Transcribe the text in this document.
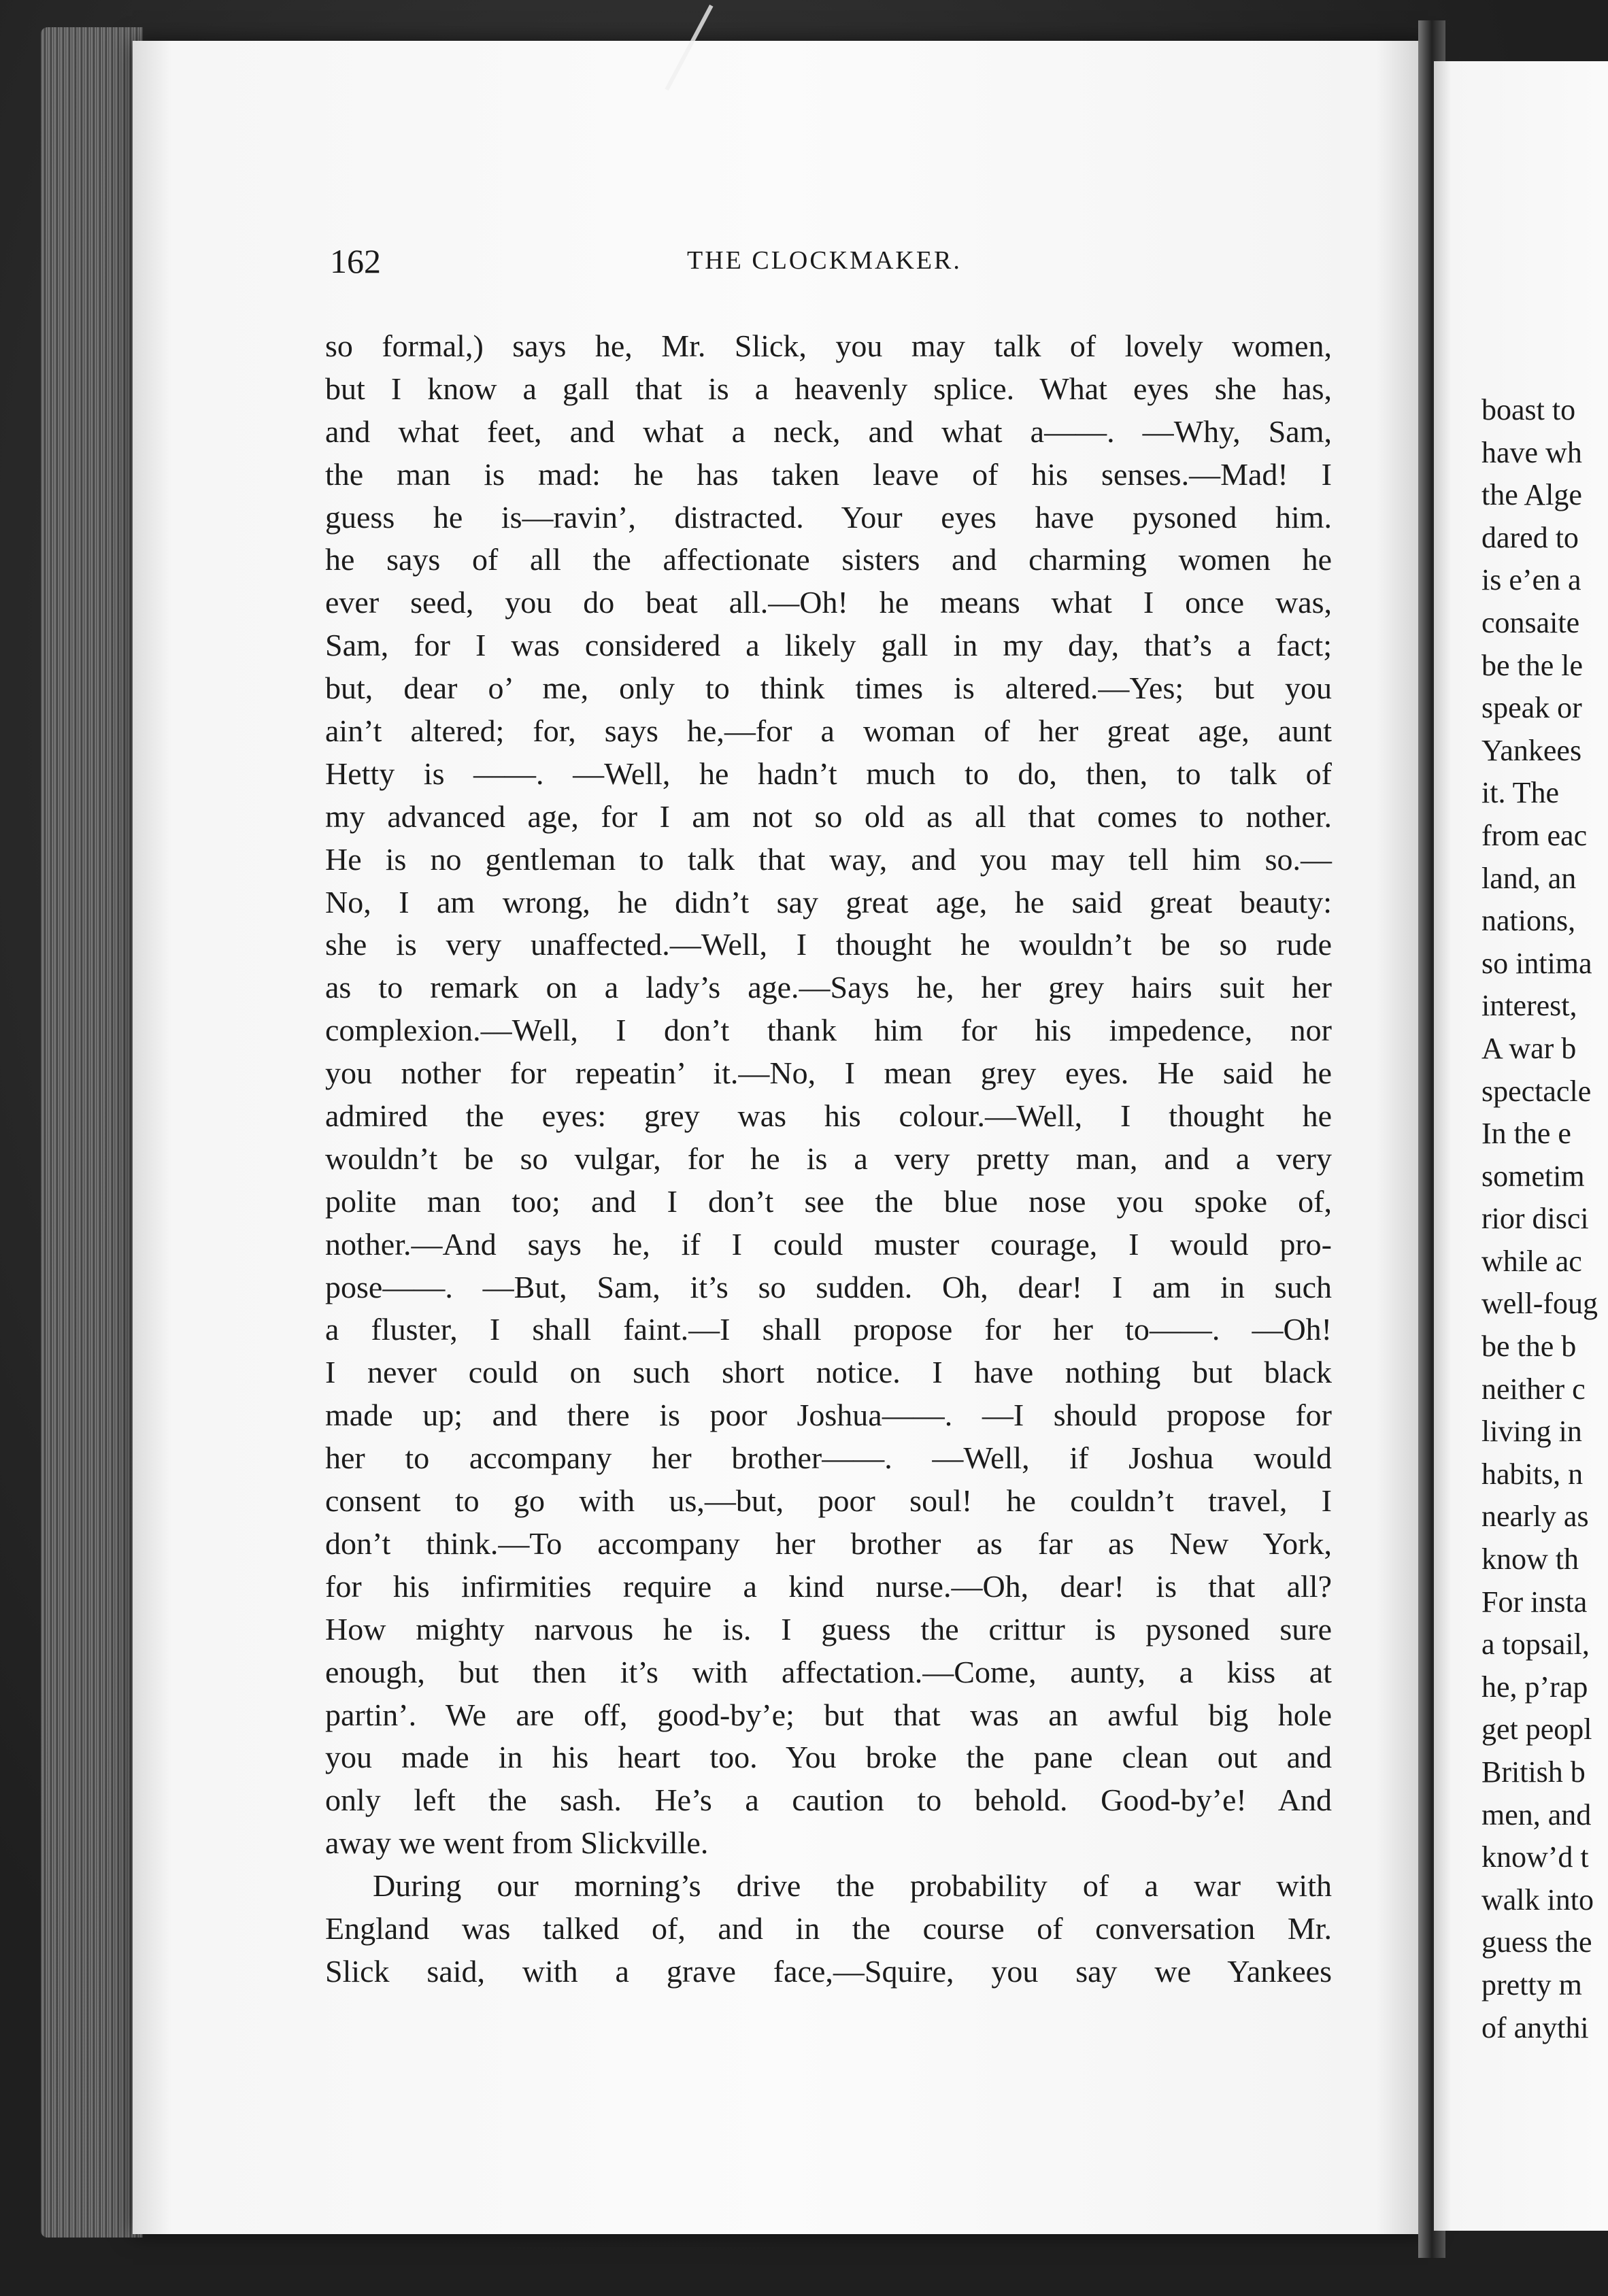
162	THE CLOCKMAKER.
so formal,) says he, Mr. Slick, you may talk of lovely women,
but I know a gall that is a heavenly splice. What eyes she has,
and what feet, and what a neck, and what a——. —Why, Sam,
the man is mad: he has taken leave of his senses.—Mad! I
guess he is—ravin’, distracted. Your eyes have pysoned him.
he says of all the affectionate sisters and charming women he
ever seed, you do beat all.—Oh! he means what I once was,
Sam, for I was considered a likely gall in my day, that’s a fact;
but, dear o’ me, only to think times is altered.—Yes; but you
ain’t altered; for, says he,—for a woman of her great age, aunt
Hetty is ——. —Well, he hadn’t much to do, then, to talk of
my advanced age, for I am not so old as all that comes to nother.
He is no gentleman to talk that way, and you may tell him so.—
No, I am wrong, he didn’t say great age, he said great beauty:
she is very unaffected.—Well, I thought he wouldn’t be so rude
as to remark on a lady’s age.—Says he, her grey hairs suit her
complexion.—Well, I don’t thank him for his impedence, nor
you nother for repeatin’ it.—No, I mean grey eyes. He said he
admired the eyes: grey was his colour.—Well, I thought he
wouldn’t be so vulgar, for he is a very pretty man, and a very
polite man too; and I don’t see the blue nose you spoke of,
nother.—And says he, if I could muster courage, I would pro-
pose——. —But, Sam, it’s so sudden. Oh, dear! I am in such
a fluster, I shall faint.—I shall propose for her to——. —Oh!
I never could on such short notice. I have nothing but black
made up; and there is poor Joshua——. —I should propose for
her to accompany her brother——. —Well, if Joshua would
consent to go with us,—but, poor soul! he couldn’t travel, I
don’t think.—To accompany her brother as far as New York,
for his infirmities require a kind nurse.—Oh, dear! is that all?
How mighty narvous he is. I guess the crittur is pysoned sure
enough, but then it’s with affectation.—Come, aunty, a kiss at
partin’. We are off, good-by’e; but that was an awful big hole
you made in his heart too. You broke the pane clean out and
only left the sash. He’s a caution to behold. Good-by’e! And
away we went from Slickville.
During our morning’s drive the probability of a war with
England was talked of, and in the course of conversation Mr.
Slick said, with a grave face,—Squire, you say we Yankees
boast to
have wh
the Alge
dared to
is e’en a
consaite
be the le
speak or
Yankees
it. The
from eac
land, an
nations,
so intima
interest,
A war b
spectacle
In the e
sometim
rior disci
while ac
well-foug
be the b
neither c
living in
habits, n
nearly as
know th
For insta
a topsail,
he, p’rap
get peopl
British b
men, and
know’d t
walk into
guess the
pretty m
of anythi
